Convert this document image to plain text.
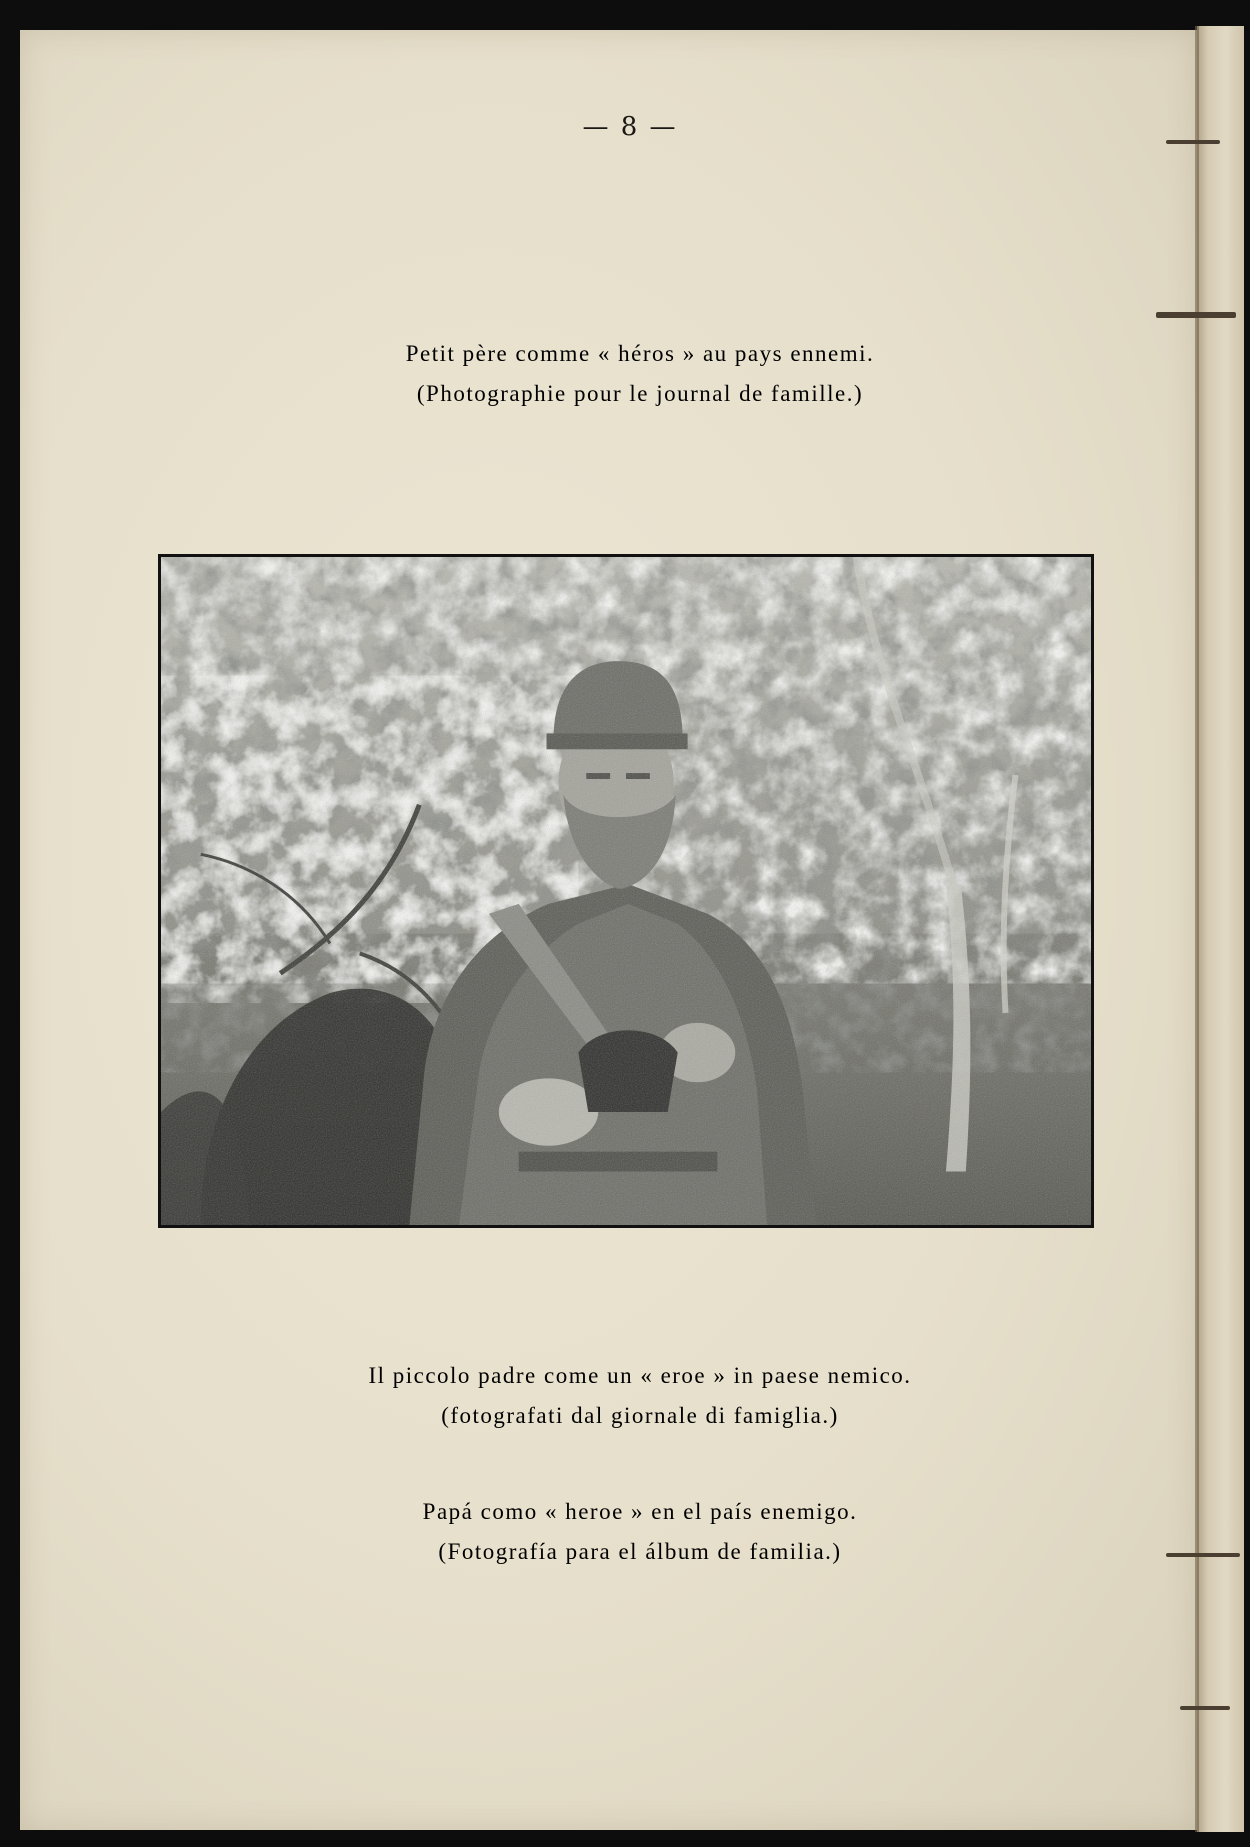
— 8 —
Petit père comme « héros » au pays ennemi.
(Photographie pour le journal de famille.)
Il piccolo padre come un « eroe » in paese nemico.
(fotografati dal giornale di famiglia.)
Papá como « heroe » en el país enemigo.
(Fotografía para el álbum de familia.)
